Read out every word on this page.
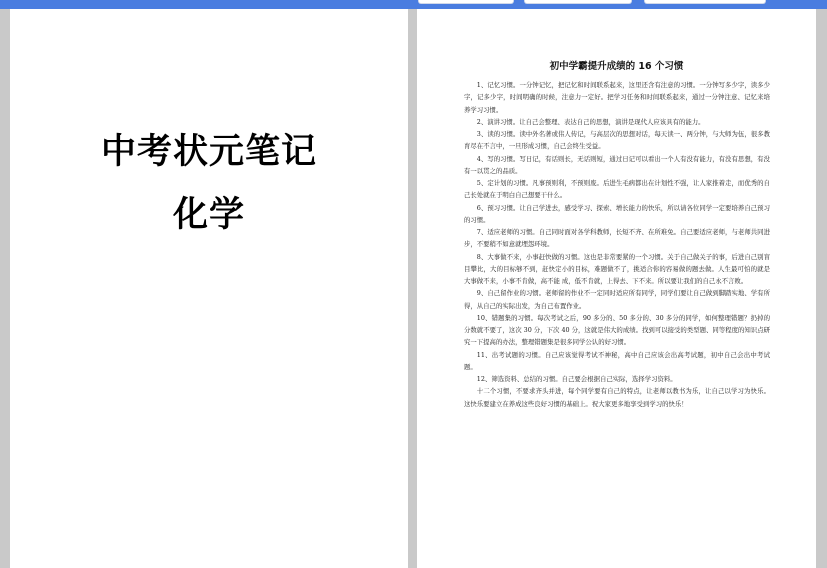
中考状元笔记
化学
初中学霸提升成绩的 16 个习惯

1、记忆习惯。一分钟记忆，把记忆和时间联系起来，这里还含有注意的习惯。一分钟写多少字，读多少字，记多少字，时间明确的时候，注意力一定好。把学习任务和时间联系起来，通过一分钟注意、记忆来培养学习习惯。

2、演讲习惯。让自己会整理、表达自己的思想，演讲是现代人应该具有的能力。

3、读的习惯。读中外名著或伟人传记，与高层次的思想对话，每天读一、两分钟，与大师为伍，很多教育尽在不言中，一旦形成习惯，自己会终生受益。

4、写的习惯。写日记，有话则长，无话则短，通过日记可以看出一个人有没有能力，有没有思想，有没有一以贯之的品质。

5、定计划的习惯。凡事预则利，不预则废。后进生毛病都出在计划性不强，让人家推着走，而优秀的自己长处就在于明白自己想要干什么。

6、预习习惯。让自己学进去，感受学习、探索、增长能力的快乐，所以请各位同学一定要培养自己预习的习惯。

7、适应老师的习惯。自己同时面对各学科教师，长短不齐、在所难免。自己要适应老师，与老师共同进步，不要稍不如意就埋怨环境。

8、大事做不来，小事赶快做的习惯。这也是非常要紧的一个习惯。关于自己做关子的事，后进自己别盲目攀比，大的目标够不到，赶快定小的目标，难题做不了，挑适合你的容易做的题去做。人生最可怕的就是大事做不来，小事不肯做，高不能 成，低不肯就，上得去、下不来。所以要让我们的自己永不言败。

9、自己留作业的习惯。老师留的作业不一定同时适应所有同学，同学们要让自己做到脚踏实地、学有所得，从自己的实际出发，为自己布置作业。

10、错题集的习惯。每次考试之后，90 多分的、50 多分的、30 多分的同学，如何整理错题？扔掉的分数就不要了，这次 30 分，下次 40 分，这就是伟大的成绩。找到可以接受的类型题、同等程度的知识点研究一下提高的办法，整理错题集是很多同学公认的好习惯。

11、出考试题的习惯。自己应该觉得考试不神秘，高中自己应该会出高考试题，初中自己会出中考试题。

12、筛选资料、总结的习惯。自己要会根据自己实际，选择学习资料。

十二个习惯，不要求齐头并进，每个同学要有自己的特点，让老师以教书为乐，让自己以学习为快乐。这快乐要建立在养成这些良好习惯的基础上。祝大家更多地享受到学习的快乐！
